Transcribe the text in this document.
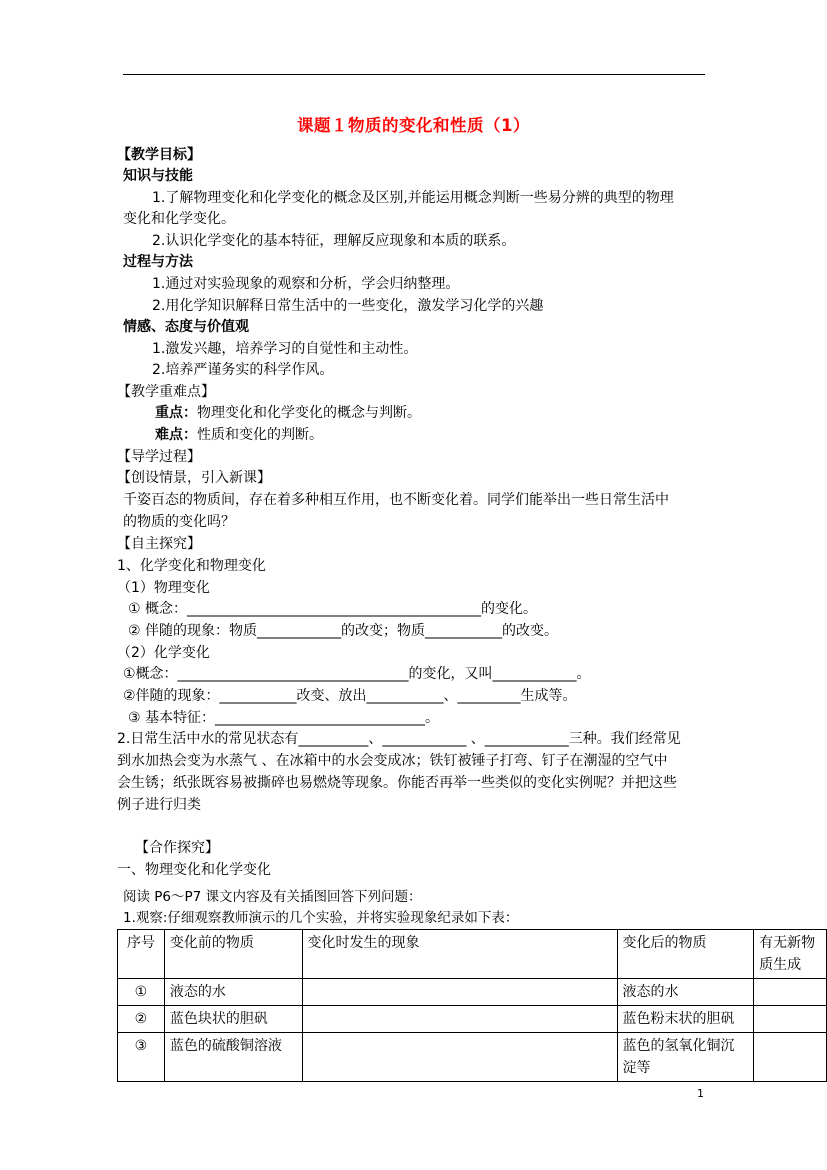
课题１物质的变化和性质（1）
【教学目标】
知识与技能
1.了解物理变化和化学变化的概念及区别,并能运用概念判断一些易分辨的典型的物理
变化和化学变化。
2.认识化学变化的基本特征，理解反应现象和本质的联系。
过程与方法
1.通过对实验现象的观察和分析，学会归纳整理。
2.用化学知识解释日常生活中的一些变化，激发学习化学的兴趣
情感、态度与价值观
1.激发兴趣，培养学习的自觉性和主动性。
2.培养严谨务实的科学作风。
【教学重难点】
重点：物理变化和化学变化的概念与判断。
难点：性质和变化的判断。
【导学过程】
【创设情景，引入新课】
千姿百态的物质间，存在着多种相互作用，也不断变化着。同学们能举出一些日常生活中
的物质的变化吗？
【自主探究】
1、化学变化和物理变化
（1）物理变化
① 概念：__________________________________________的变化。
② 伴随的现象：物质____________的改变；物质___________的改变。
（2）化学变化
①概念：_________________________________的变化，又叫____________。
②伴随的现象：___________改变、放出___________、_________生成等。
③ 基本特征：______________________________。
2.日常生活中水的常见状态有__________、____________ 、____________三种。我们经常见
到水加热会变为水蒸气 、在冰箱中的水会变成冰；铁钉被锤子打弯、钉子在潮湿的空气中
会生锈；纸张既容易被撕碎也易燃烧等现象。你能否再举一些类似的变化实例呢？并把这些
例子进行归类
【合作探究】
一、物理变化和化学变化
阅读 P6～P7 课文内容及有关插图回答下列问题：
1.观察:仔细观察教师演示的几个实验，并将实验现象纪录如下表：
序号	变化前的物质	变化时发生的现象	变化后的物质	有无新物质生成
①	液态的水		液态的水	
②	蓝色块状的胆矾		蓝色粉末状的胆矾	
③	蓝色的硫酸铜溶液		蓝色的氢氧化铜沉淀等	
1
